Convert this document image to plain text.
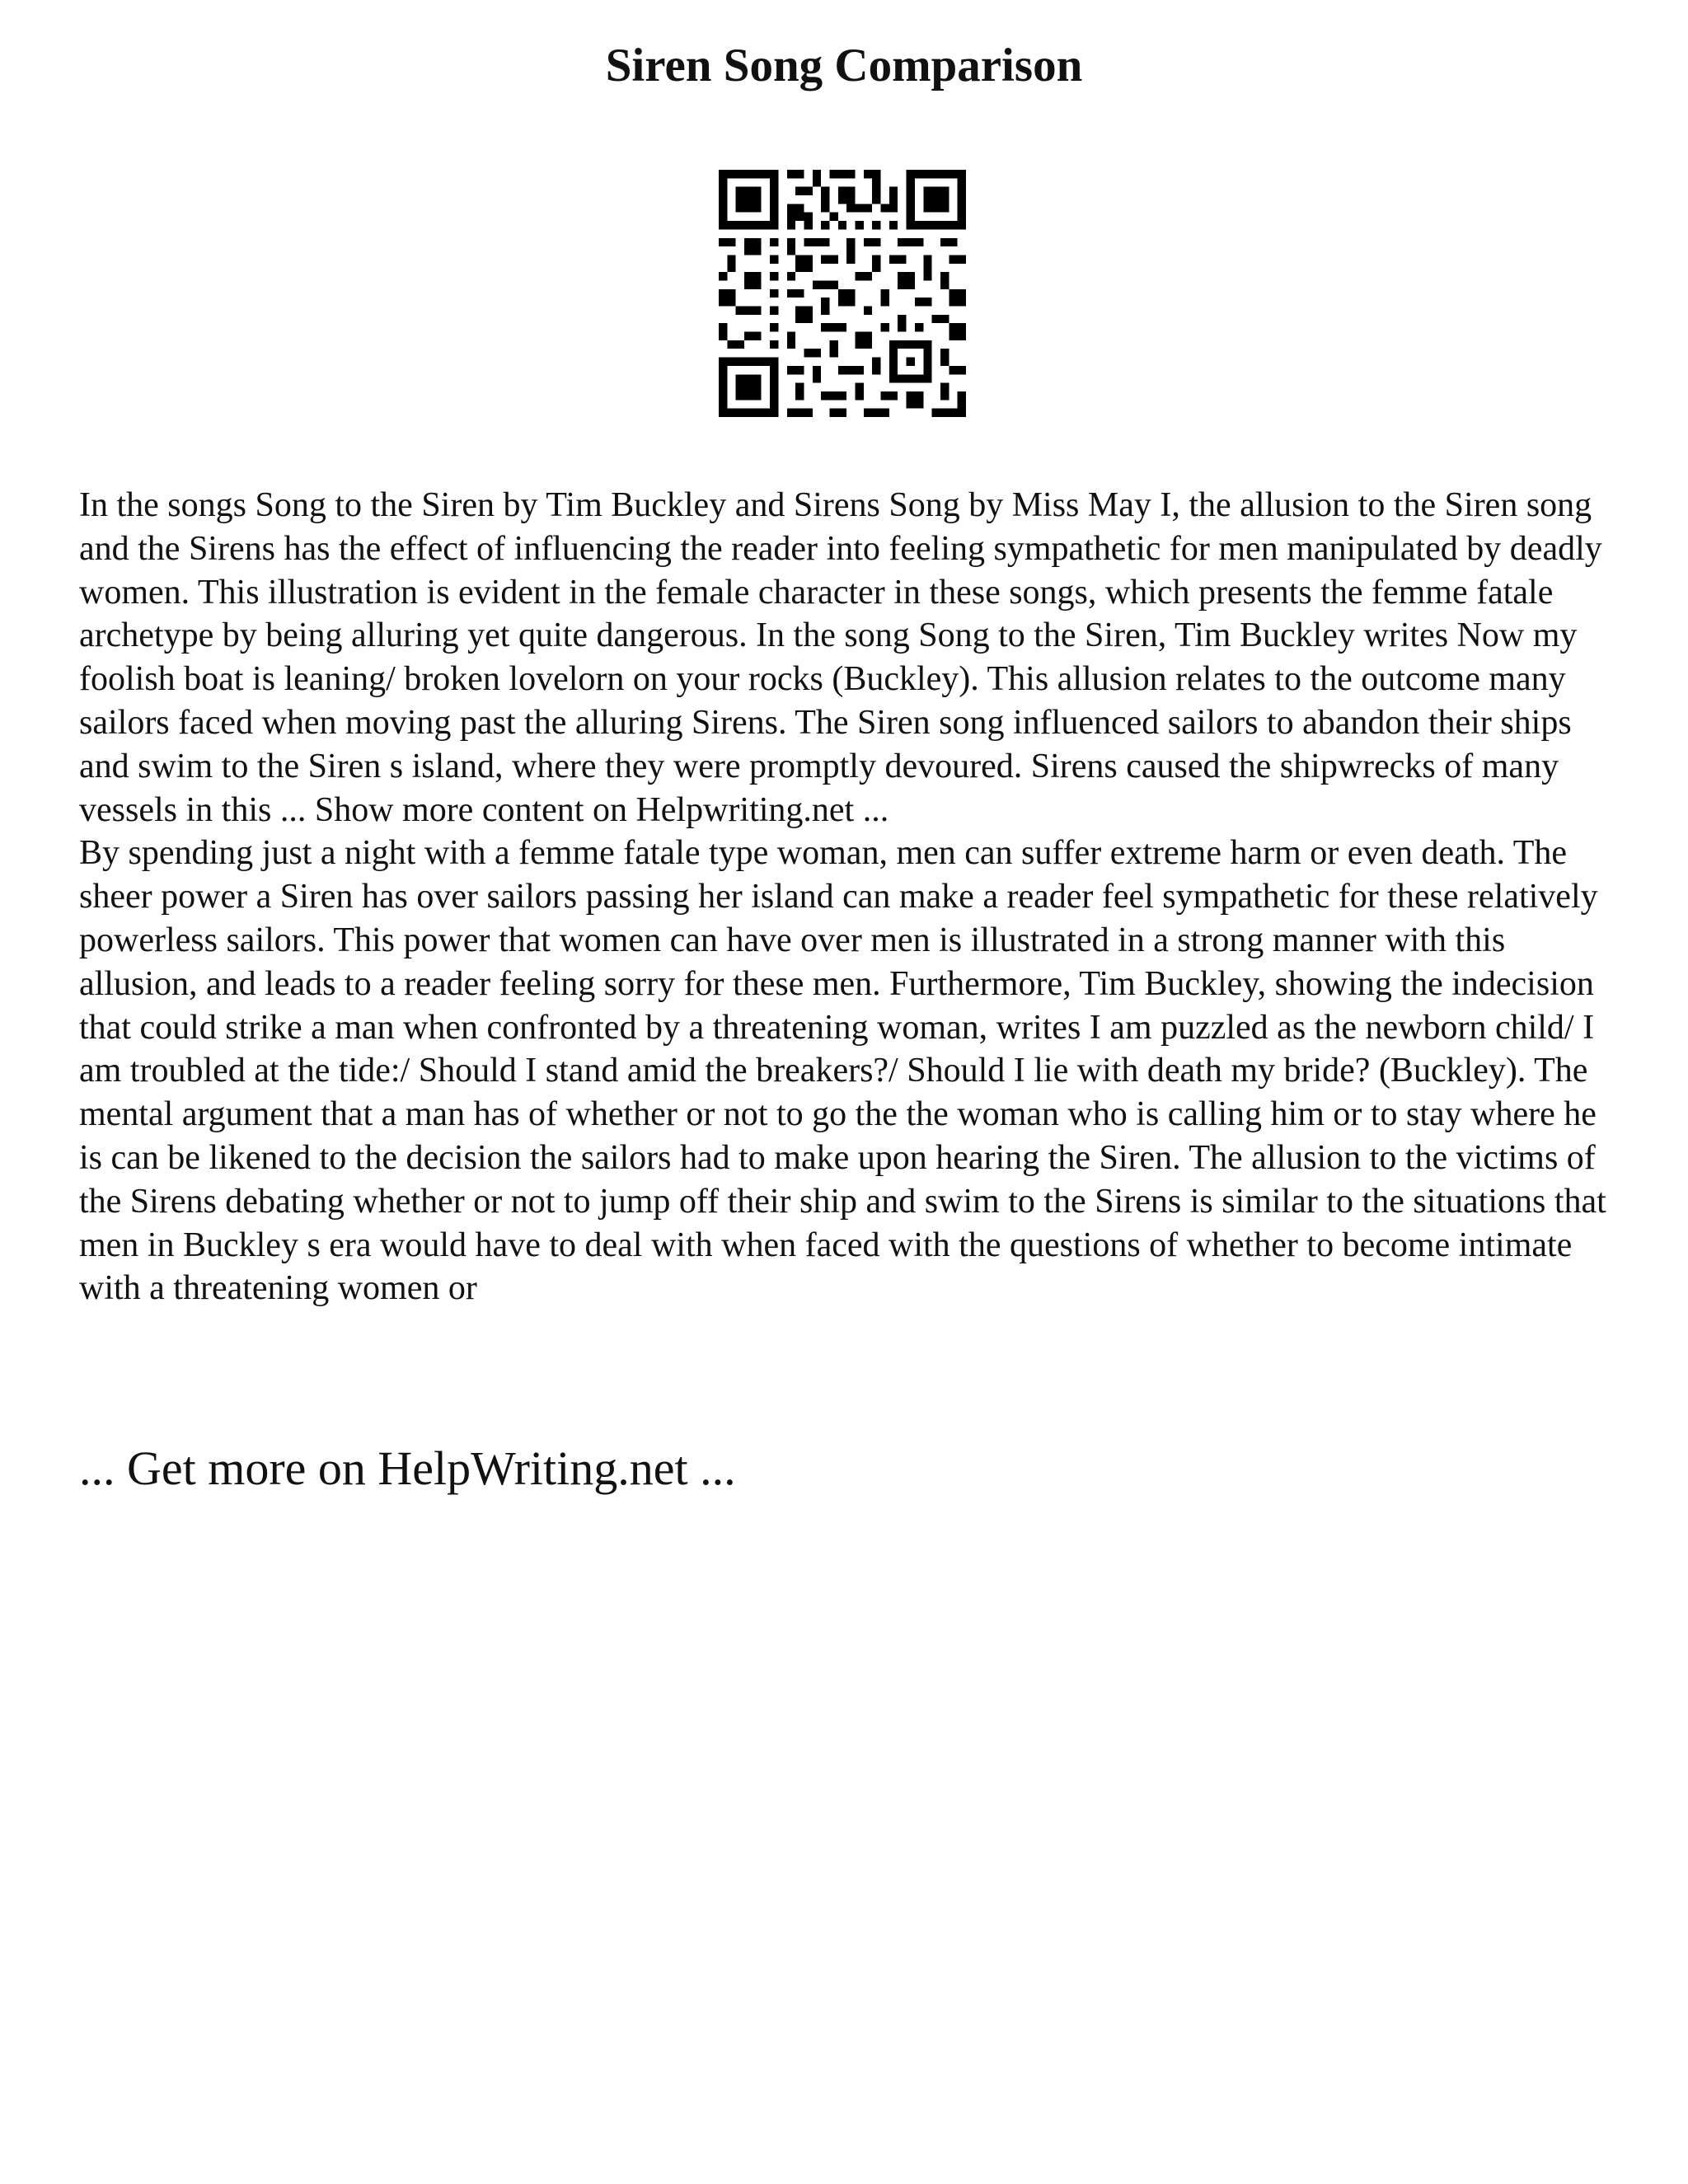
Siren Song Comparison

In the songs Song to the Siren by Tim Buckley and Sirens Song by Miss May I, the allusion to the Siren song and the Sirens has the effect of influencing the reader into feeling sympathetic for men manipulated by deadly women. This illustration is evident in the female character in these songs, which presents the femme fatale archetype by being alluring yet quite dangerous. In the song Song to the Siren, Tim Buckley writes Now my foolish boat is leaning/ broken lovelorn on your rocks (Buckley). This allusion relates to the outcome many sailors faced when moving past the alluring Sirens. The Siren song influenced sailors to abandon their ships and swim to the Siren s island, where they were promptly devoured. Sirens caused the shipwrecks of many vessels in this ... Show more content on Helpwriting.net ...

By spending just a night with a femme fatale type woman, men can suffer extreme harm or even death. The sheer power a Siren has over sailors passing her island can make a reader feel sympathetic for these relatively powerless sailors. This power that women can have over men is illustrated in a strong manner with this allusion, and leads to a reader feeling sorry for these men. Furthermore, Tim Buckley, showing the indecision that could strike a man when confronted by a threatening woman, writes I am puzzled as the newborn child/ I am troubled at the tide:/ Should I stand amid the breakers?/ Should I lie with death my bride? (Buckley). The mental argument that a man has of whether or not to go the the woman who is calling him or to stay where he is can be likened to the decision the sailors had to make upon hearing the Siren. The allusion to the victims of the Sirens debating whether or not to jump off their ship and swim to the Sirens is similar to the situations that men in Buckley s era would have to deal with when faced with the questions of whether to become intimate with a threatening women or

... Get more on HelpWriting.net ...
